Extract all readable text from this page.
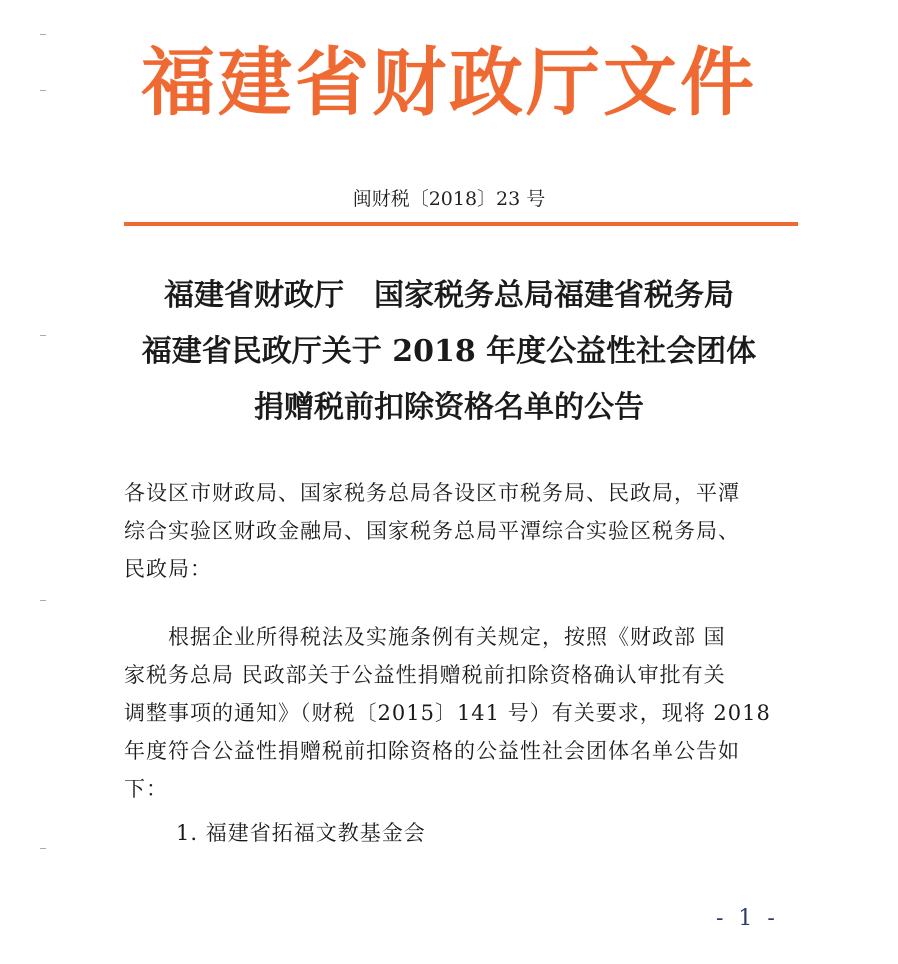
福建省财政厅文件
闽财税〔2018〕23 号
福建省财政厅　国家税务总局福建省税务局
福建省民政厅关于 2018 年度公益性社会团体
捐赠税前扣除资格名单的公告
各设区市财政局、国家税务总局各设区市税务局、民政局，平潭
综合实验区财政金融局、国家税务总局平潭综合实验区税务局、
民政局：
　　根据企业所得税法及实施条例有关规定，按照《财政部 国
家税务总局 民政部关于公益性捐赠税前扣除资格确认审批有关
调整事项的通知》（财税〔2015〕141 号）有关要求，现将 2018
年度符合公益性捐赠税前扣除资格的公益性社会团体名单公告如
下：
1. 福建省拓福文教基金会
- 1 -
